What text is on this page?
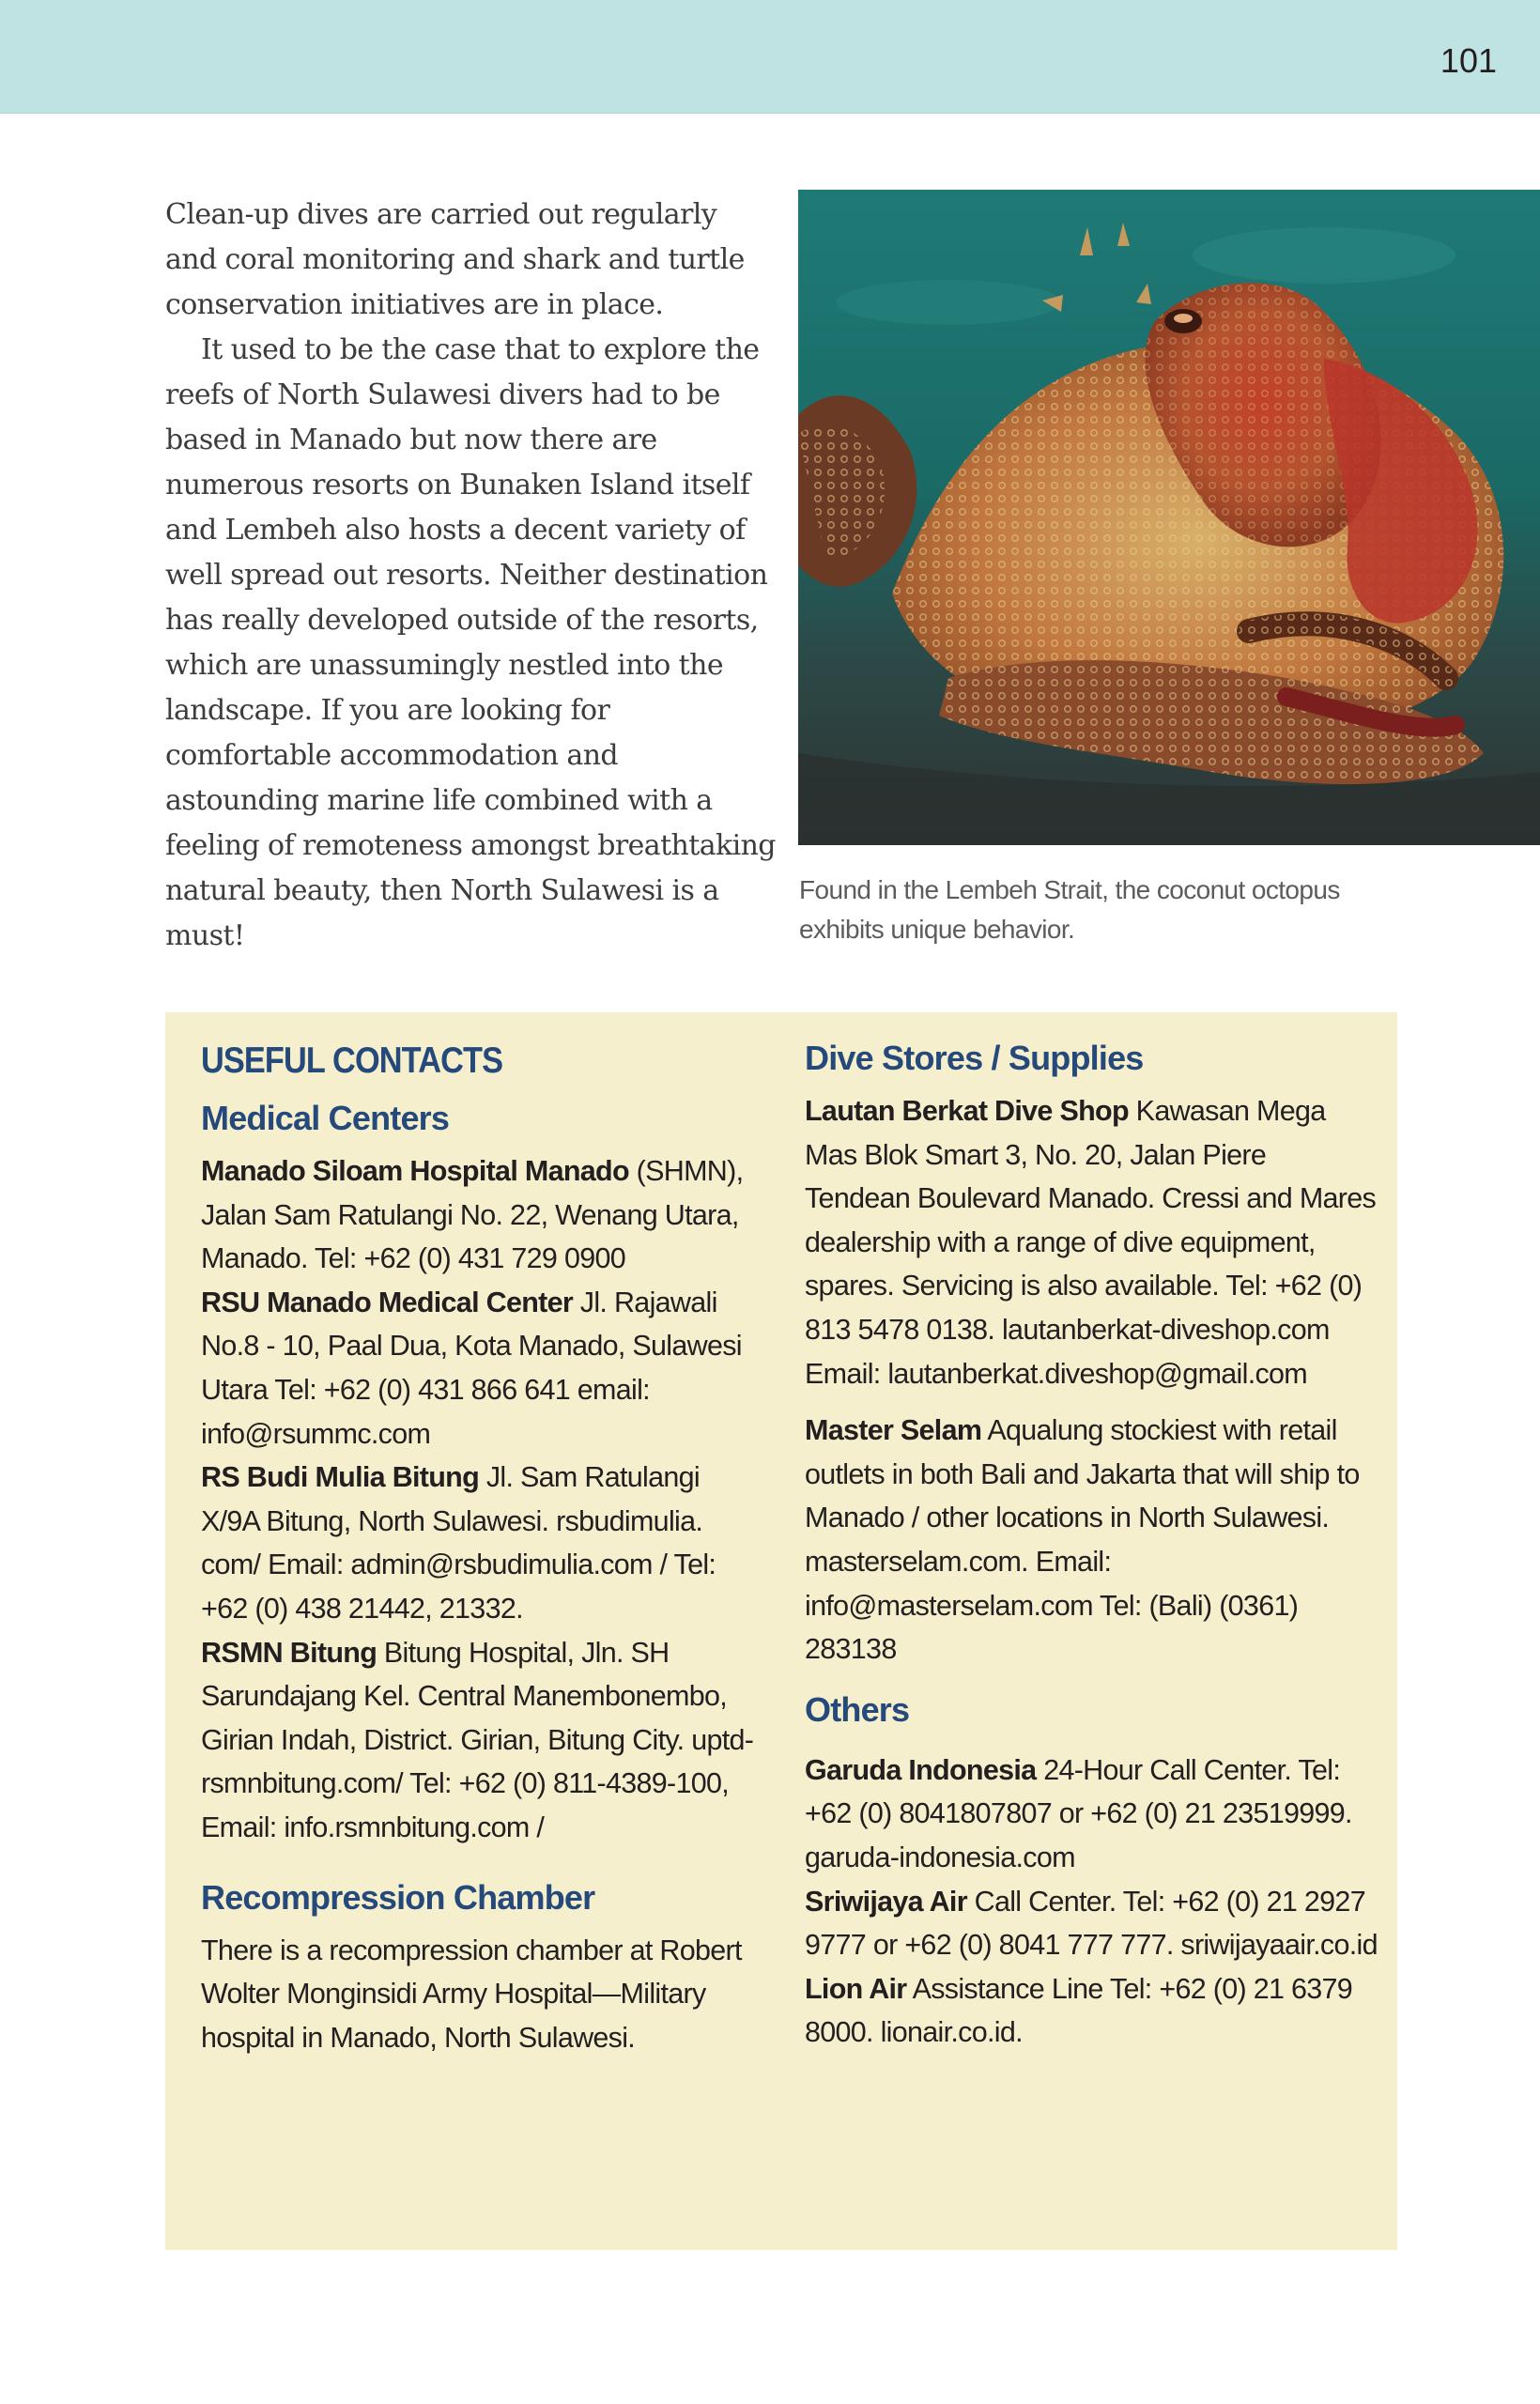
101

Clean-up dives are carried out regularly and coral monitoring and shark and turtle conservation initiatives are in place.

It used to be the case that to explore the reefs of North Sulawesi divers had to be based in Manado but now there are numerous resorts on Bunaken Island itself and Lembeh also hosts a decent variety of well spread out resorts. Neither destination has really developed outside of the resorts, which are unassumingly nestled into the landscape. If you are looking for comfortable accommodation and astounding marine life combined with a feeling of remoteness amongst breathtaking natural beauty, then North Sulawesi is a must!

Found in the Lembeh Strait, the coconut octopus exhibits unique behavior.
USEFUL CONTACTS
Medical Centers

Manado Siloam Hospital Manado (SHMN), Jalan Sam Ratulangi No. 22, Wenang Utara, Manado. Tel: +62 (0) 431 729 0900

RSU Manado Medical Center Jl. Rajawali No.8 - 10, Paal Dua, Kota Manado, Sulawesi Utara Tel: +62 (0) 431 866 641 email: info@rsummc.com

RS Budi Mulia Bitung Jl. Sam Ratulangi X/9A Bitung, North Sulawesi. rsbudimulia. com/ Email: admin@rsbudimulia.com / Tel: +62 (0) 438 21442, 21332.

RSMN Bitung Bitung Hospital, Jln. SH Sarundajang Kel. Central Manembonembo, Girian Indah, District. Girian, Bitung City. uptd-rsmnbitung.com/ Tel: +62 (0) 811-4389-100, Email: info.rsmnbitung.com /

Recompression Chamber

There is a recompression chamber at Robert Wolter Monginsidi Army Hospital—Military hospital in Manado, North Sulawesi.

Dive Stores / Supplies

Lautan Berkat Dive Shop Kawasan Mega Mas Blok Smart 3, No. 20, Jalan Piere Tendean Boulevard Manado. Cressi and Mares dealership with a range of dive equipment, spares. Servicing is also available. Tel: +62 (0) 813 5478 0138. lautanberkat-diveshop.com Email: lautanberkat.diveshop@gmail.com

Master Selam Aqualung stockiest with retail outlets in both Bali and Jakarta that will ship to Manado / other locations in North Sulawesi. masterselam.com. Email: info@masterselam.com Tel: (Bali) (0361) 283138

Others

Garuda Indonesia 24-Hour Call Center. Tel: +62 (0) 8041807807 or +62 (0) 21 23519999. garuda-indonesia.com

Sriwijaya Air Call Center. Tel: +62 (0) 21 2927 9777 or +62 (0) 8041 777 777. sriwijayaair.co.id

Lion Air Assistance Line Tel: +62 (0) 21 6379 8000. lionair.co.id.
